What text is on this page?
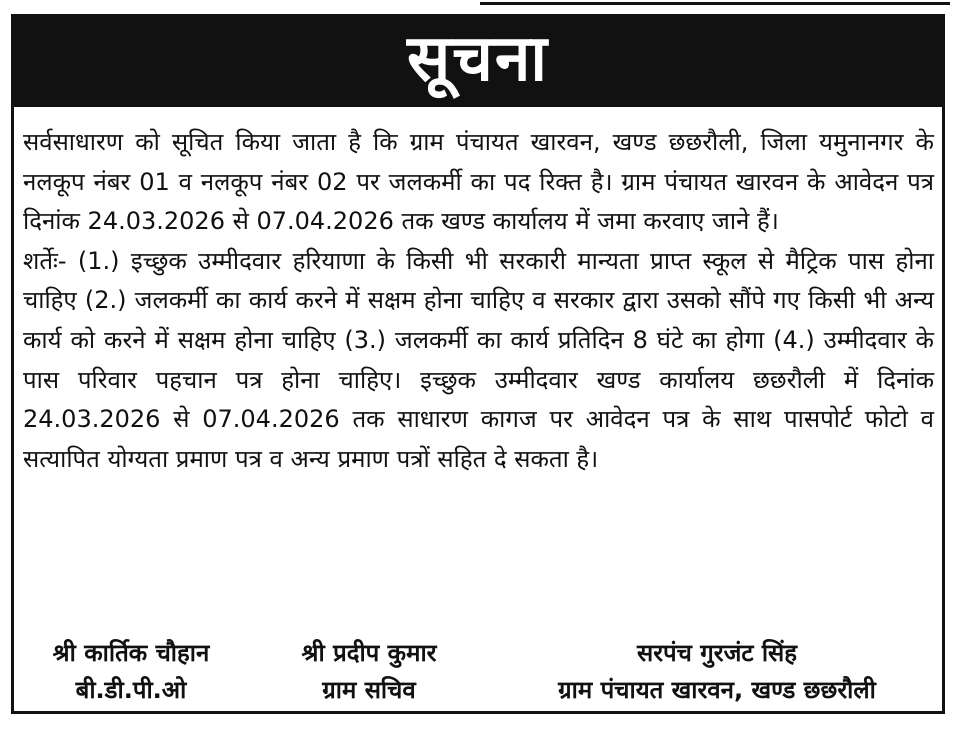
सूचना

सर्वसाधारण को सूचित किया जाता है कि ग्राम पंचायत खारवन, खण्ड छछरौली, जिला यमुनानगर के नलकूप नंबर 01 व नलकूप नंबर 02 पर जलकर्मी का पद रिक्त है। ग्राम पंचायत खारवन के आवेदन पत्र दिनांक 24.03.2026 से 07.04.2026 तक खण्ड कार्यालय में जमा करवाए जाने हैं।

शर्तेः- (1.) इच्छुक उम्मीदवार हरियाणा के किसी भी सरकारी मान्यता प्राप्त स्कूल से मैट्रिक पास होना चाहिए (2.) जलकर्मी का कार्य करने में सक्षम होना चाहिए व सरकार द्वारा उसको सौंपे गए किसी भी अन्य कार्य को करने में सक्षम होना चाहिए (3.) जलकर्मी का कार्य प्रतिदिन 8 घंटे का होगा (4.) उम्मीदवार के पास परिवार पहचान पत्र होना चाहिए। इच्छुक उम्मीदवार खण्ड कार्यालय छछरौली में दिनांक 24.03.2026 से 07.04.2026 तक साधारण कागज पर आवेदन पत्र के साथ पासपोर्ट फोटो व सत्यापित योग्यता प्रमाण पत्र व अन्य प्रमाण पत्रों सहित दे सकता है।

श्री कार्तिक चौहान
बी.डी.पी.ओ
श्री प्रदीप कुमार
ग्राम सचिव
सरपंच गुरजंट सिंह
ग्राम पंचायत खारवन, खण्ड छछरौली
